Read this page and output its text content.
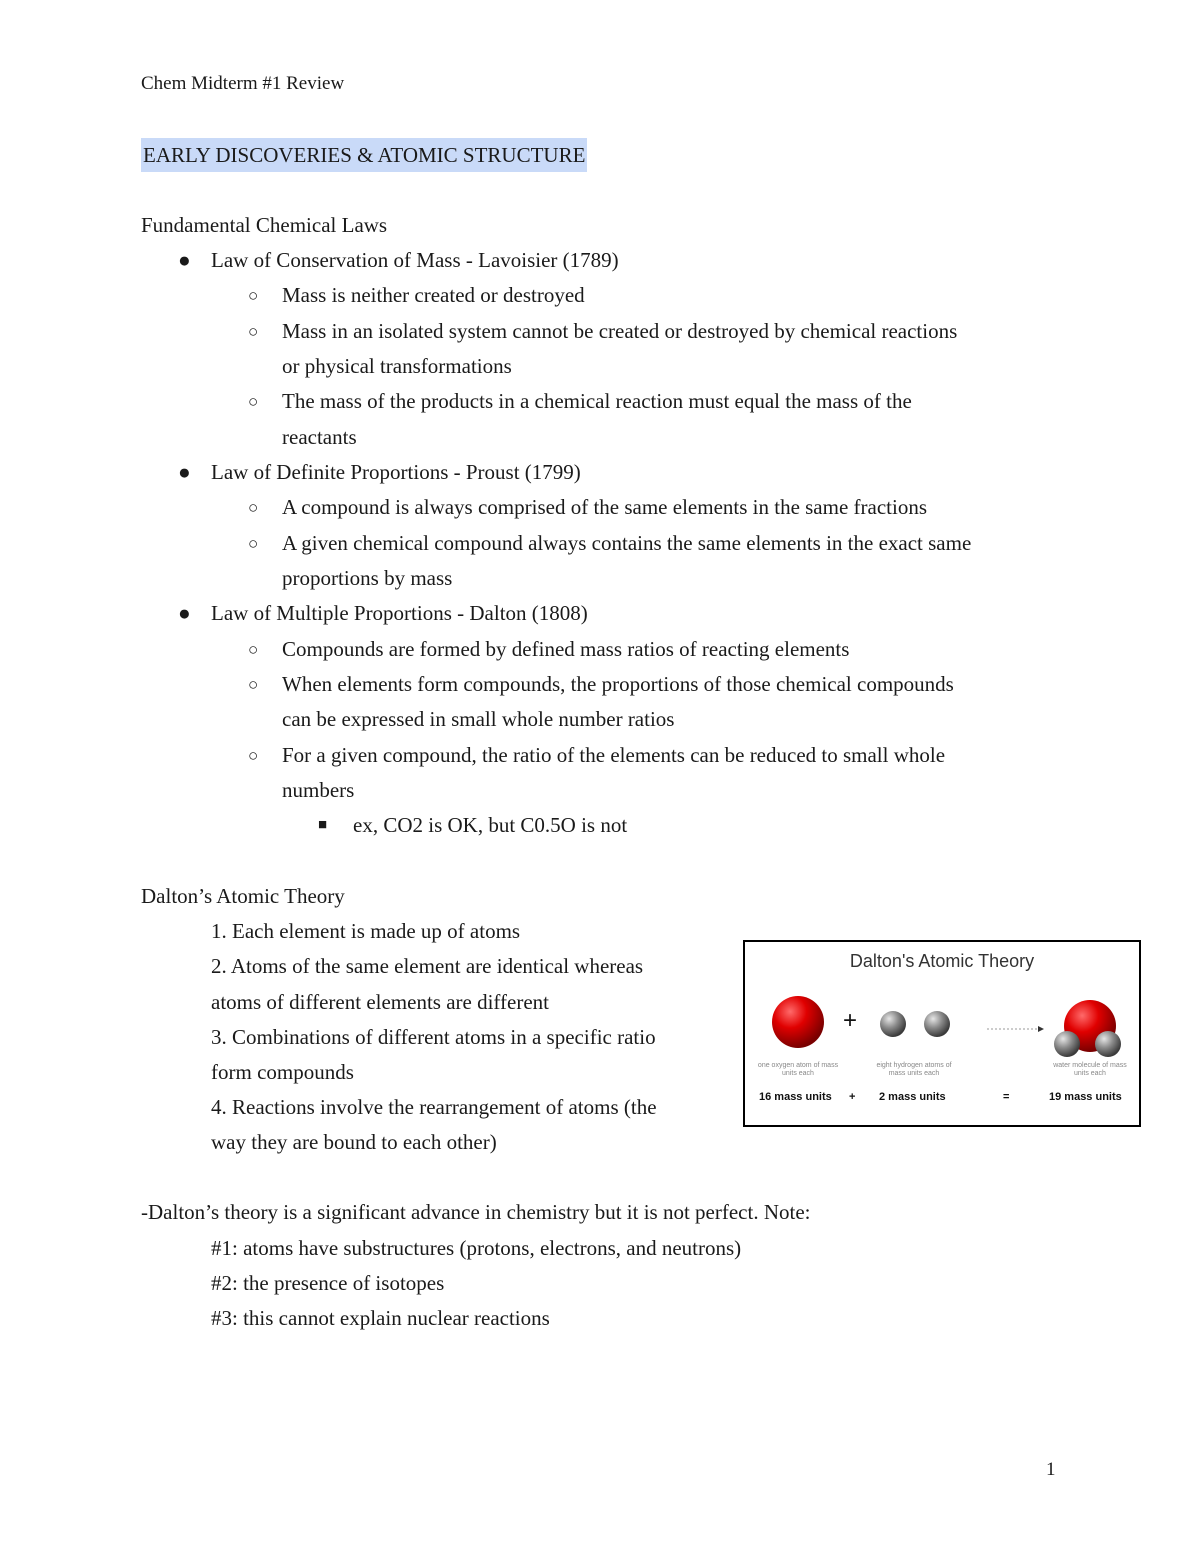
Chem Midterm #1 Review
EARLY DISCOVERIES & ATOMIC STRUCTURE
Fundamental Chemical Laws
● Law of Conservation of Mass - Lavoisier (1789)
○ Mass is neither created or destroyed
○ Mass in an isolated system cannot be created or destroyed by chemical reactions
or physical transformations
○ The mass of the products in a chemical reaction must equal the mass of the
reactants
● Law of Definite Proportions - Proust (1799)
○ A compound is always comprised of the same elements in the same fractions
○ A given chemical compound always contains the same elements in the exact same
proportions by mass
● Law of Multiple Proportions - Dalton (1808)
○ Compounds are formed by defined mass ratios of reacting elements
○ When elements form compounds, the proportions of those chemical compounds
can be expressed in small whole number ratios
○ For a given compound, the ratio of the elements can be reduced to small whole
numbers
■ ex, CO2 is OK, but C0.5O is not
Dalton’s Atomic Theory
1. Each element is made up of atoms
2. Atoms of the same element are identical whereas
atoms of different elements are different
3. Combinations of different atoms in a specific ratio
form compounds
4. Reactions involve the rearrangement of atoms (the
way they are bound to each other)
Dalton's Atomic Theory
+
one oxygen atom of mass units each
eight hydrogen atoms of mass units each
water molecule of mass units each
16 mass units + 2 mass units	=	19 mass units
-Dalton’s theory is a significant advance in chemistry but it is not perfect. Note:
#1: atoms have substructures (protons, electrons, and neutrons)
#2: the presence of isotopes
#3: this cannot explain nuclear reactions
1
